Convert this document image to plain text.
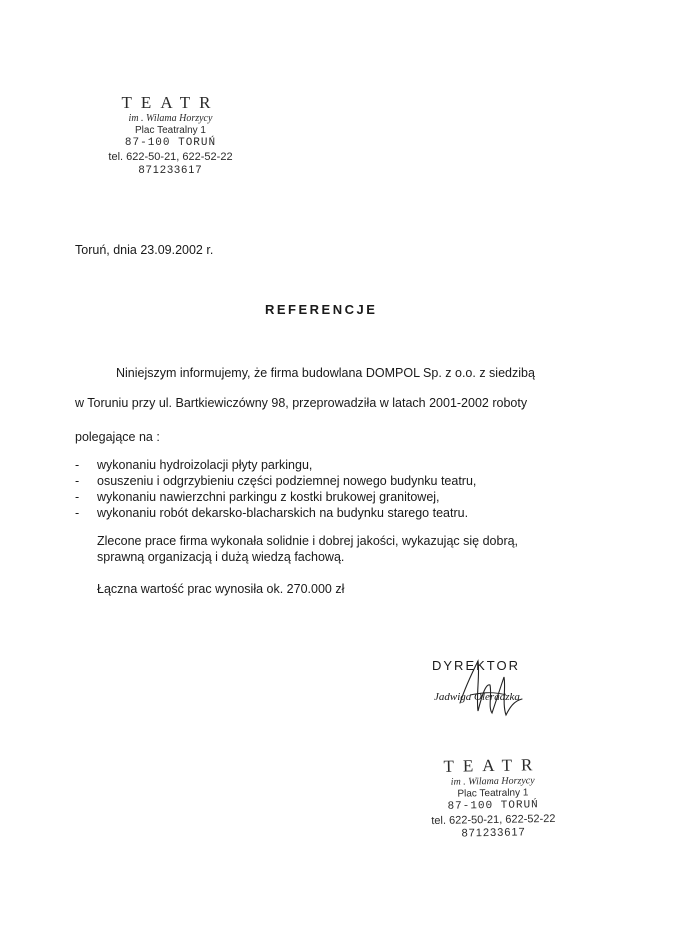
TEATR
im . Wilama Horzycy
Plac Teatralny 1
87-100 TORUŃ
tel. 622-50-21, 622-52-22
871233617
Toruń, dnia 23.09.2002 r.
REFERENCJE
Niniejszym informujemy, że firma budowlana DOMPOL Sp. z o.o. z siedzibą
w Toruniu przy ul. Bartkiewiczówny 98, przeprowadziła w latach 2001-2002 roboty
polegające na :
- wykonaniu hydroizolacji płyty parkingu,
- osuszeniu i odgrzybieniu części podziemnej nowego budynku teatru,
- wykonaniu nawierzchni parkingu z kostki brukowej granitowej,
- wykonaniu robót dekarsko-blacharskich na budynku starego teatru.
Zlecone prace firma wykonała solidnie i dobrej jakości, wykazując się dobrą,
sprawną organizacją i dużą wiedzą fachową.
Łączna wartość prac wynosiła ok. 270.000 zł
DYREKTOR
Jadwiga Oleradzka
TEATR
im . Wilama Horzycy
Plac Teatralny 1
87-100 TORUŃ
tel. 622-50-21, 622-52-22
871233617
